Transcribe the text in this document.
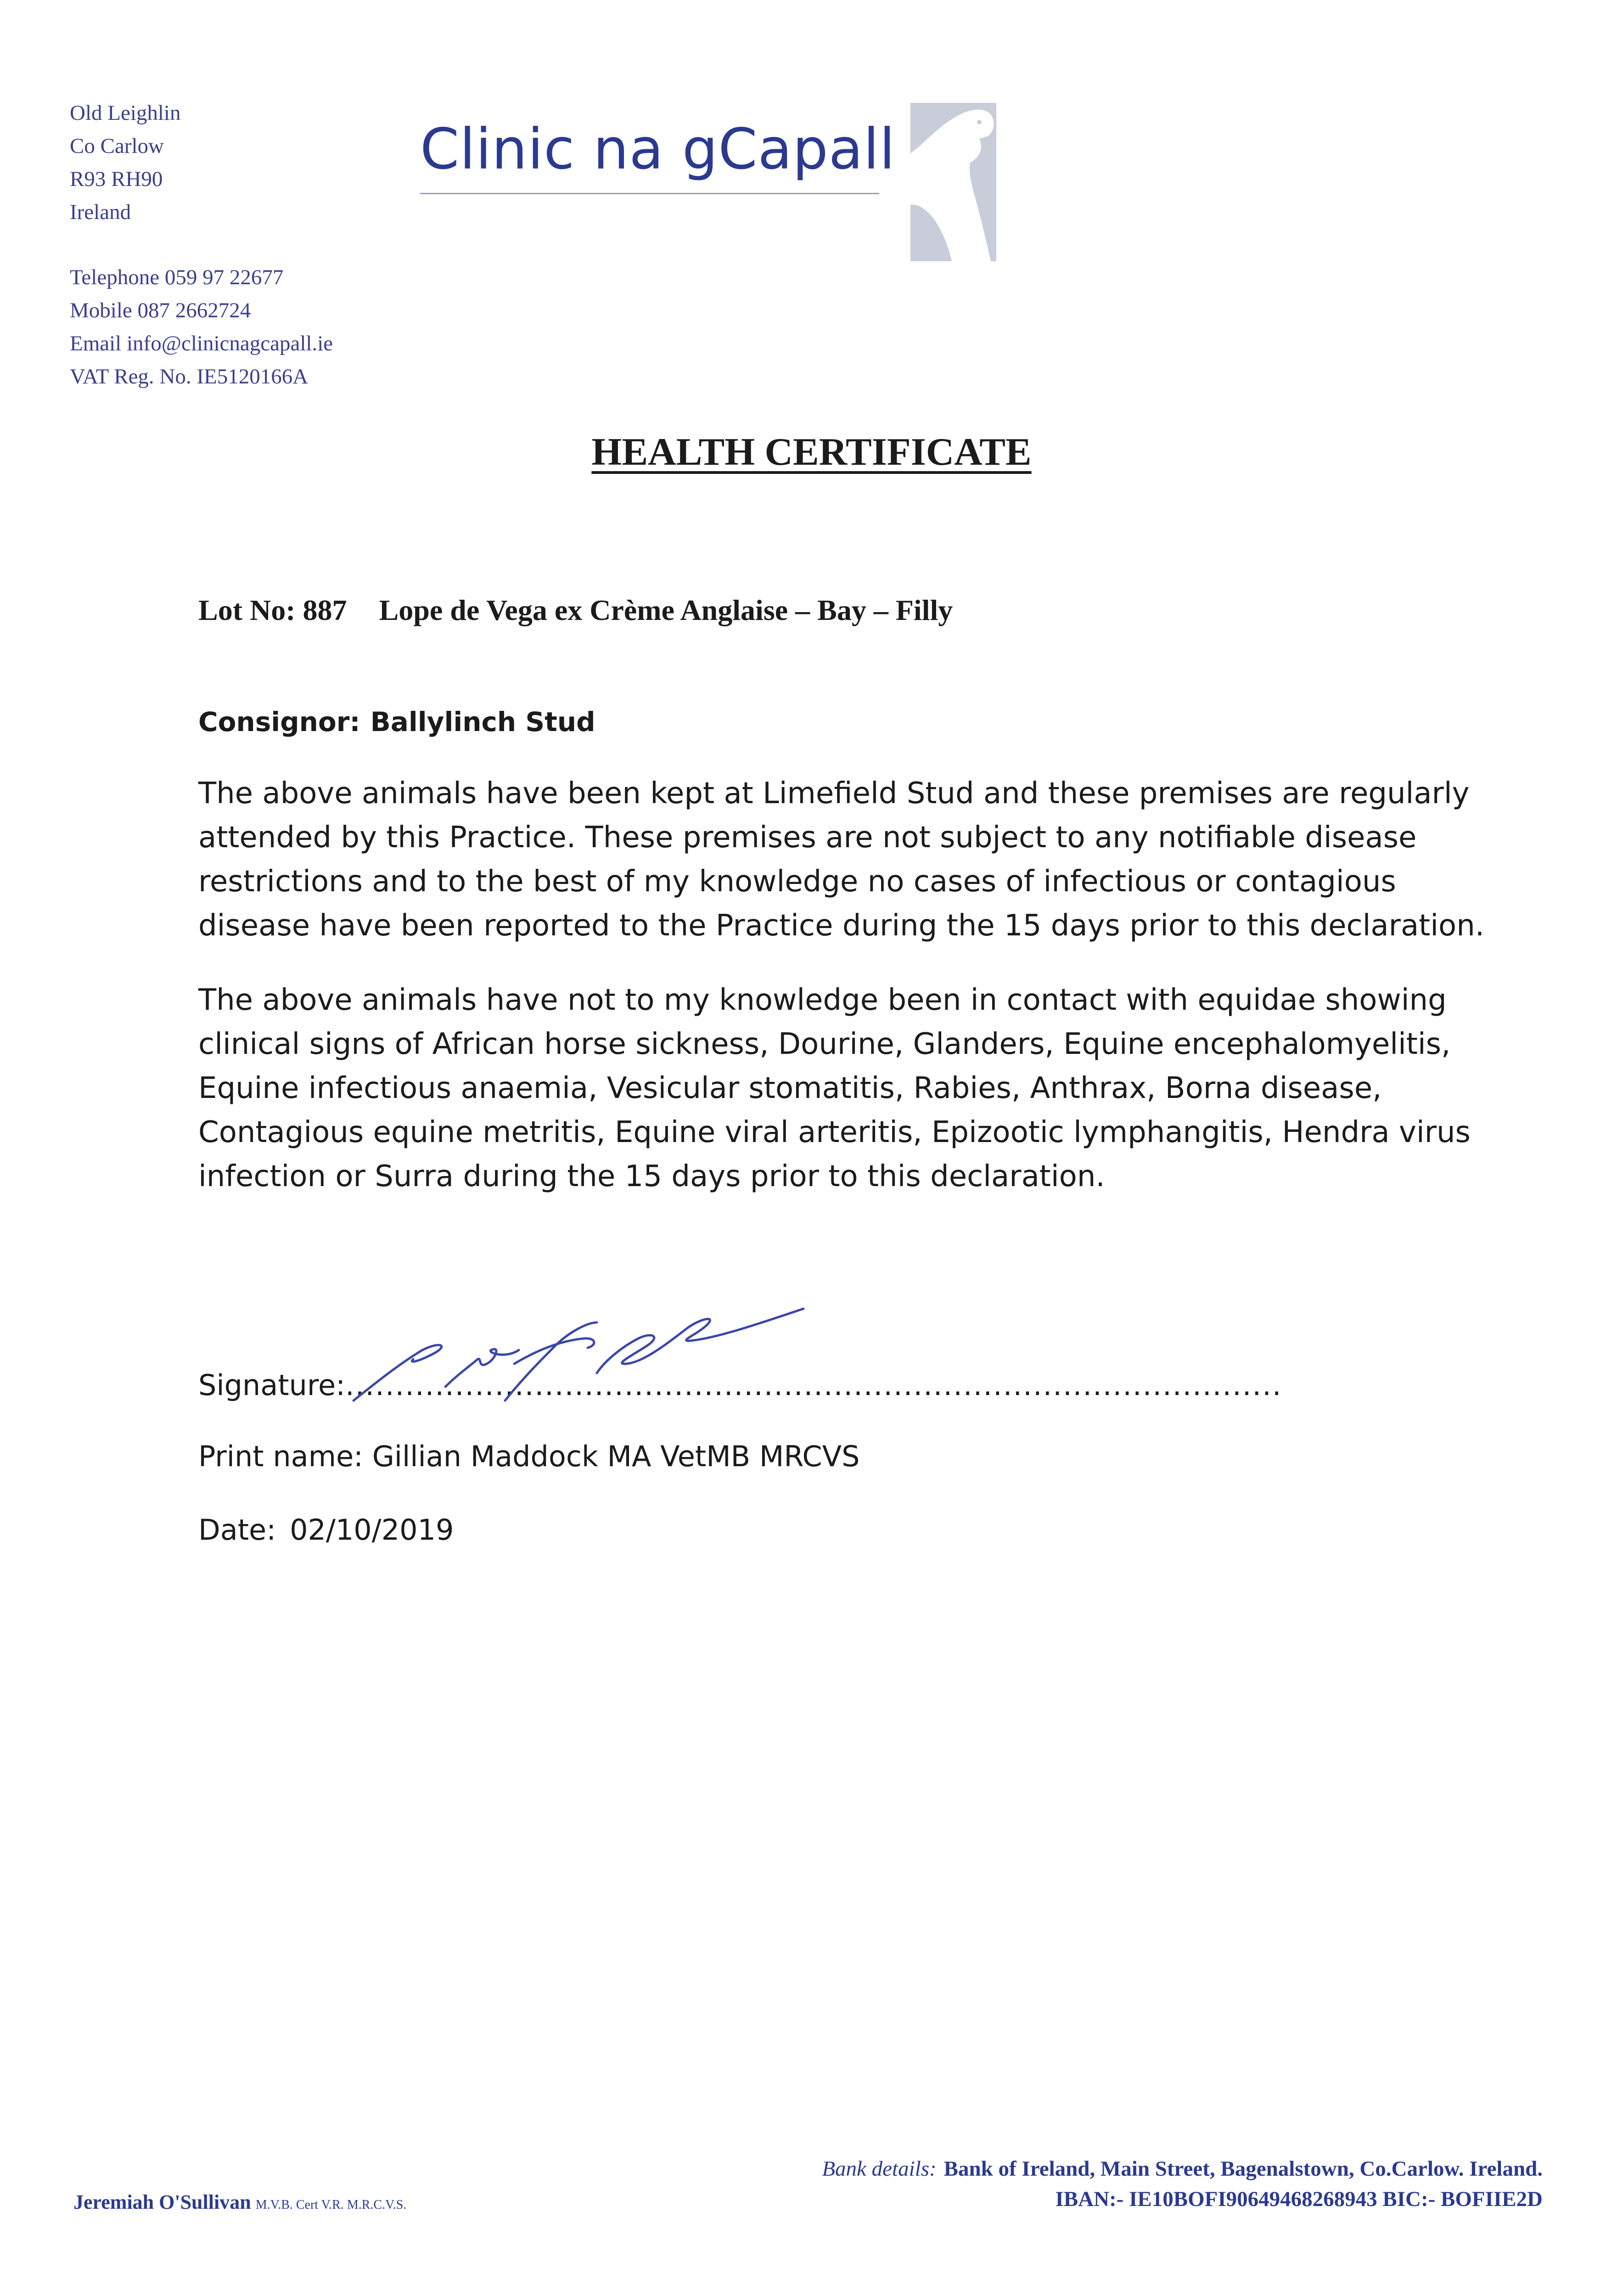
Old Leighlin
Co Carlow
R93 RH90
Ireland
Telephone 059 97 22677
Mobile 087 2662724
Email info@clinicnagcapall.ie
VAT Reg. No. IE5120166A
Clinic na gCapall
HEALTH CERTIFICATE
Lot No: 887 Lope de Vega ex Crème Anglaise – Bay – Filly
Consignor: Ballylinch Stud
The above animals have been kept at Limefield Stud and these premises are regularly
attended by this Practice. These premises are not subject to any notifiable disease
restrictions and to the best of my knowledge no cases of infectious or contagious
disease have been reported to the Practice during the 15 days prior to this declaration.
The above animals have not to my knowledge been in contact with equidae showing
clinical signs of African horse sickness, Dourine, Glanders, Equine encephalomyelitis,
Equine infectious anaemia, Vesicular stomatitis, Rabies, Anthrax, Borna disease,
Contagious equine metritis, Equine viral arteritis, Epizootic lymphangitis, Hendra virus
infection or Surra during the 15 days prior to this declaration.
Signature:..............................................................................................
Print name: Gillian Maddock MA VetMB MRCVS
Date: 02/10/2019
Jeremiah O'Sullivan M.V.B. Cert V.R. M.R.C.V.S.
Bank details: Bank of Ireland, Main Street, Bagenalstown, Co.Carlow. Ireland.
IBAN:- IE10BOFI90649468268943 BIC:- BOFIIE2D
